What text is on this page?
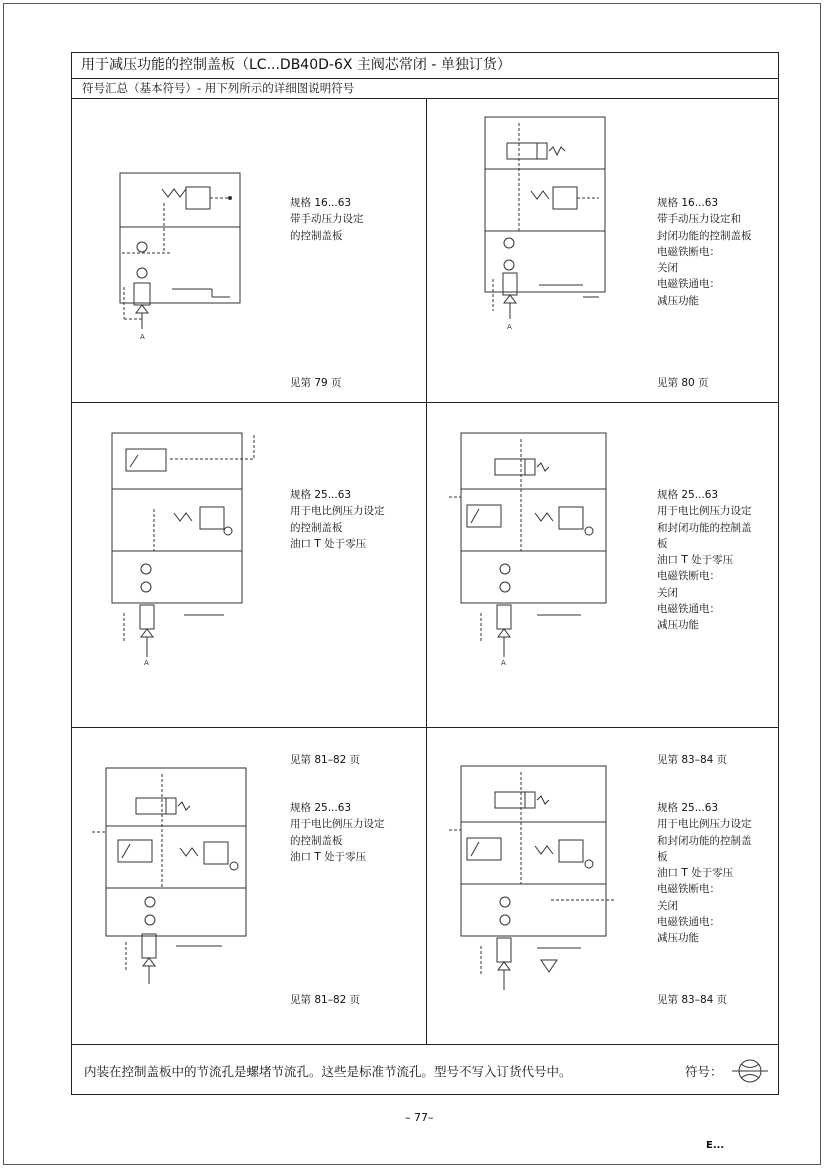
用于减压功能的控制盖板（LC...DB40D-6X 主阀芯常闭 - 单独订货）
符号汇总（基本符号）- 用下列所示的详细图说明符号
A
规格 16...63
带手动压力设定
的控制盖板
见第 79 页
A
规格 16...63
带手动压力设定和
封闭功能的控制盖板
电磁铁断电：
关闭
电磁铁通电：
减压功能
见第 80 页
A
规格 25...63
用于电比例压力设定
的控制盖板
油口 T 处于零压
见第 81–82 页
A
规格 25...63
用于电比例压力设定
和封闭功能的控制盖
板
油口 T 处于零压
电磁铁断电：
关闭
电磁铁通电：
减压功能
见第 83–84 页
规格 25...63
用于电比例压力设定
的控制盖板
油口 T 处于零压
见第 81–82 页
规格 25...63
用于电比例压力设定
和封闭功能的控制盖
板
油口 T 处于零压
电磁铁断电：
关闭
电磁铁通电：
减压功能
见第 83–84 页
内装在控制盖板中的节流孔是螺堵节流孔。这些是标准节流孔。型号不写入订货代号中。	符号：
– 77–
E...
